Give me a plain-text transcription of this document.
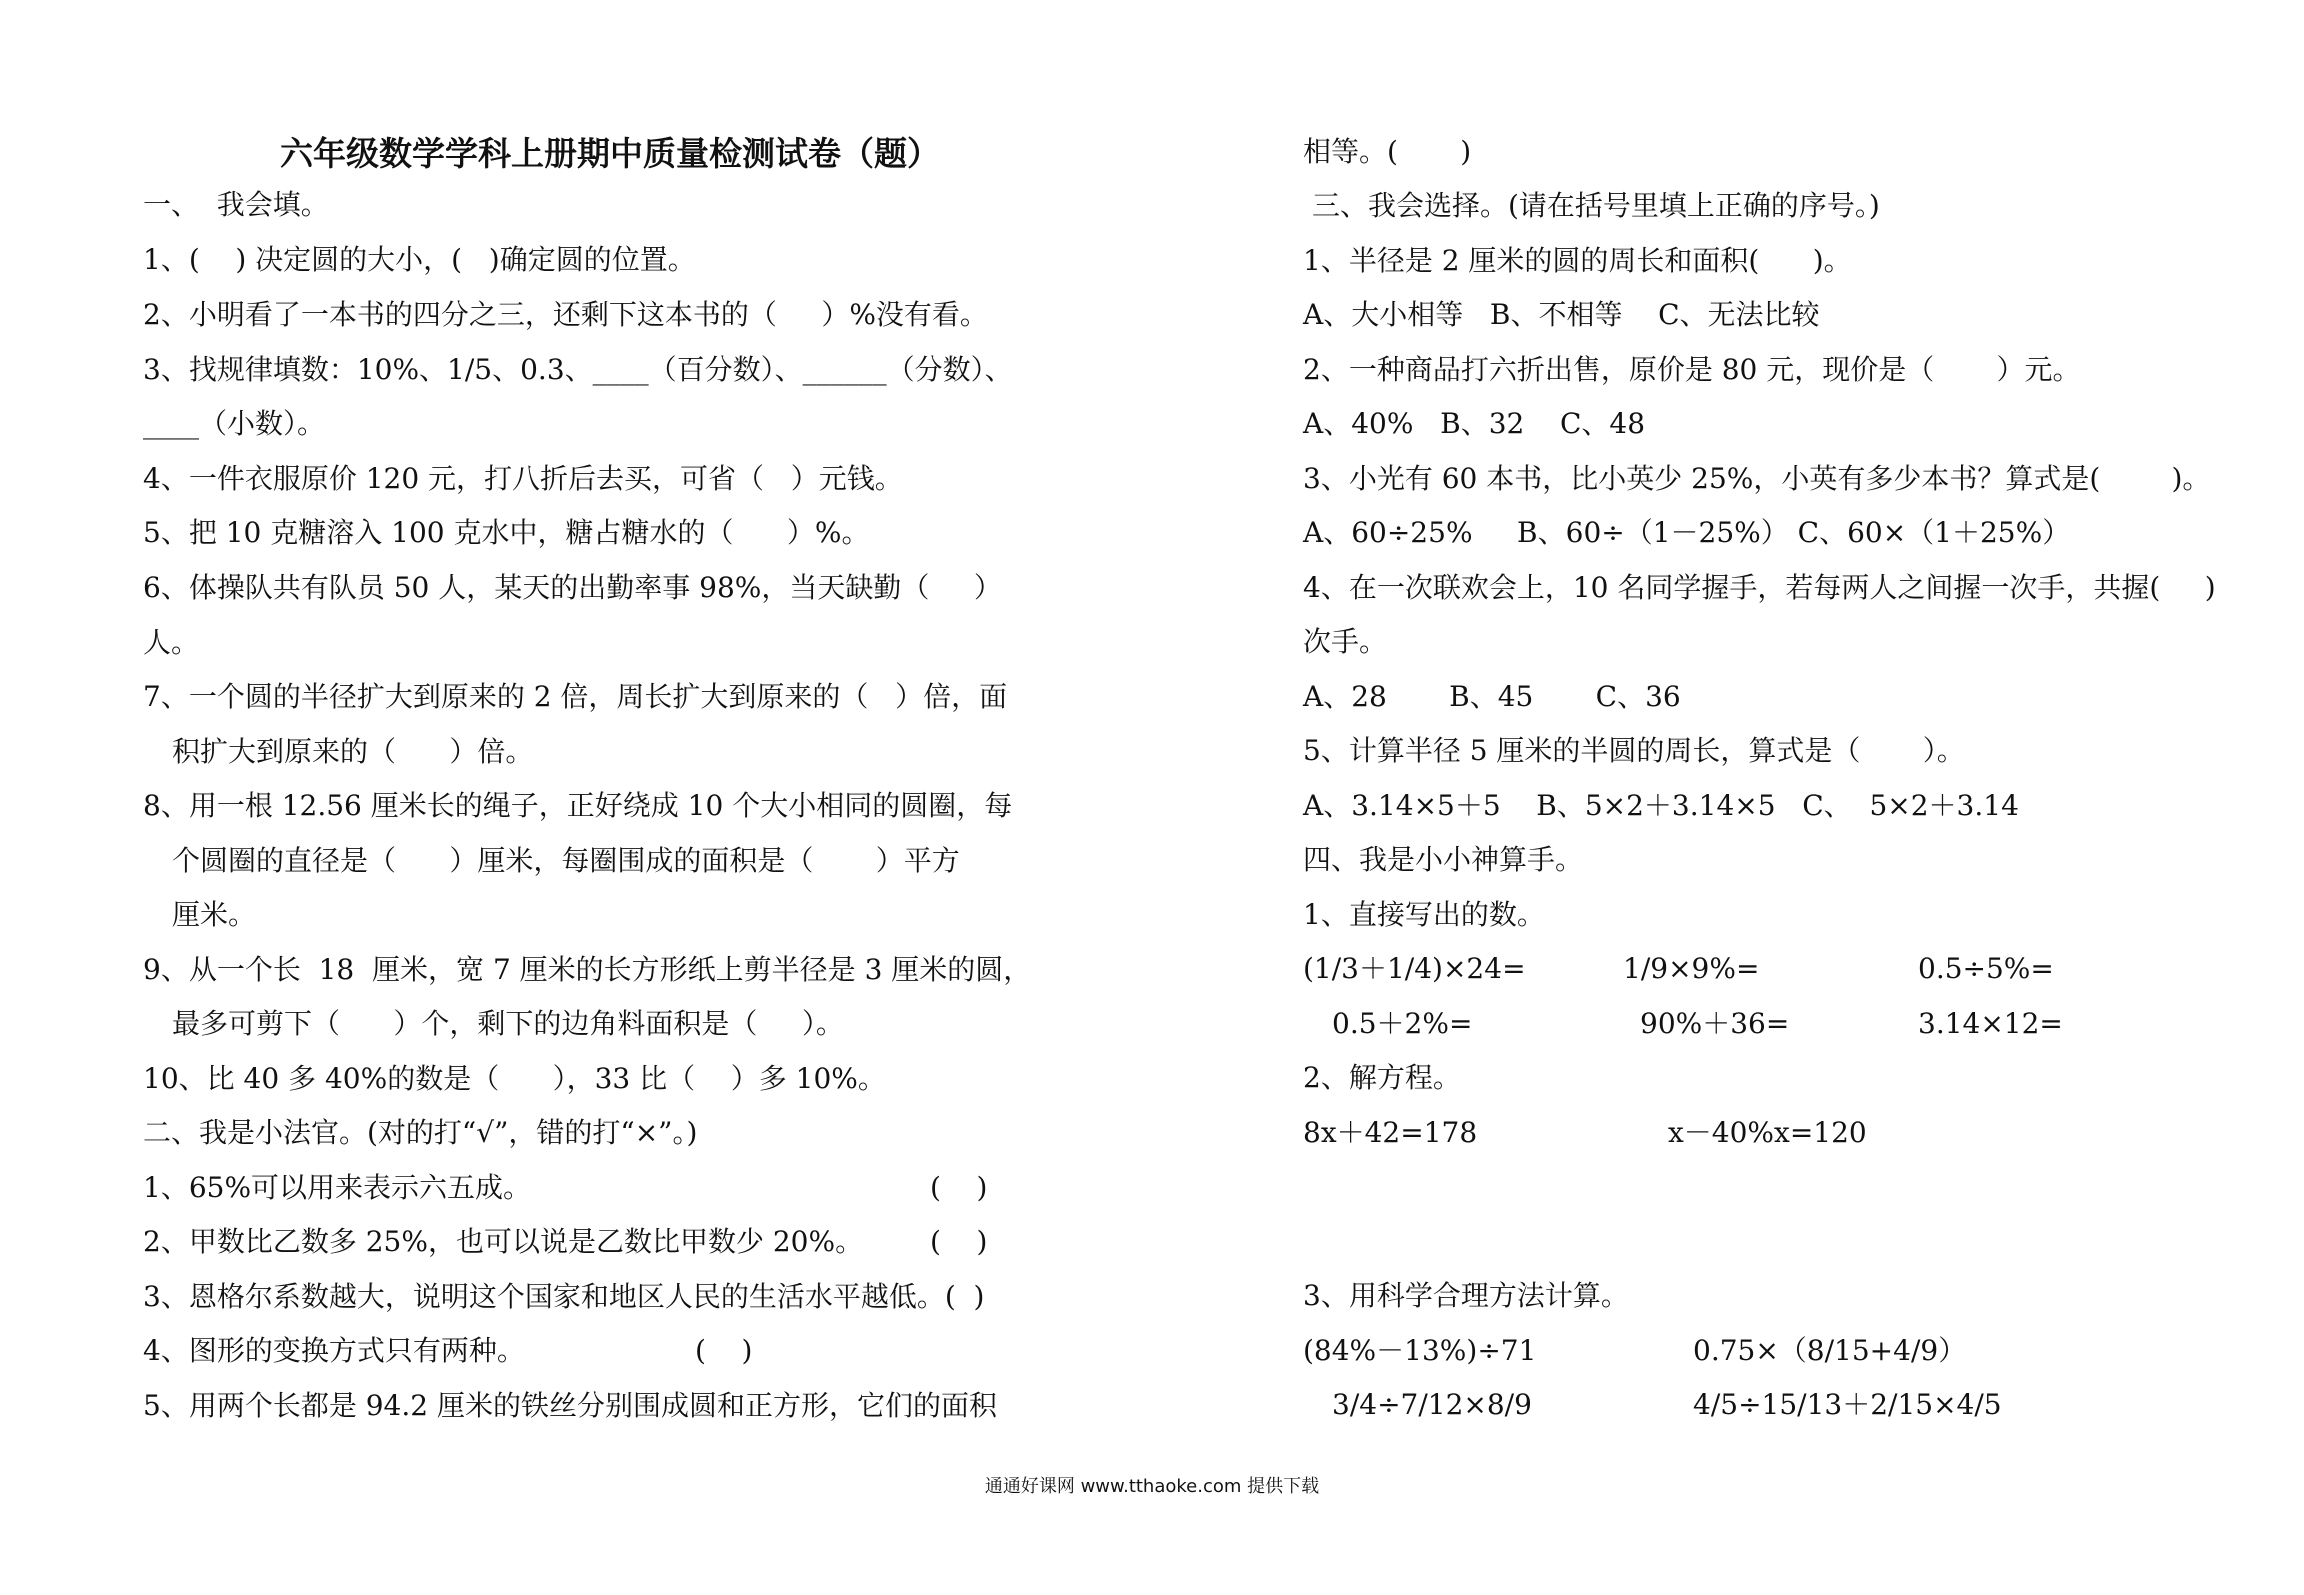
六年级数学学科上册期中质量检测试卷（题）
一、  我会填。
1、(    ) 决定圆的大小，(   )确定圆的位置。
2、小明看了一本书的四分之三，还剩下这本书的（     ）%没有看。
3、找规律填数：10%、1/5、0.3、____（百分数）、______（分数）、
____（小数）。
4、一件衣服原价 120 元，打八折后去买，可省（   ）元钱。
5、把 10 克糖溶入 100 克水中，糖占糖水的（      ）%。
6、体操队共有队员 50 人，某天的出勤率事 98%，当天缺勤（     ）
人。
7、一个圆的半径扩大到原来的 2 倍，周长扩大到原来的（   ）倍，面
积扩大到原来的（      ）倍。
8、用一根 12.56 厘米长的绳子，正好绕成 10 个大小相同的圆圈，每
个圆圈的直径是（      ）厘米，每圈围成的面积是（       ）平方
厘米。
9、从一个长  18  厘米，宽 7 厘米的长方形纸上剪半径是 3 厘米的圆，
最多可剪下（      ）个，剩下的边角料面积是（     ）。
10、比 40 多 40%的数是（      ），33 比（    ）多 10%。
二、我是小法官。(对的打“√”，错的打“×”。)
1、65%可以用来表示六五成。	(    )
2、甲数比乙数多 25%，也可以说是乙数比甲数少 20%。 (    )
3、恩格尔系数越大，说明这个国家和地区人民的生活水平越低。(  )
4、图形的变换方式只有两种。	(    )
5、用两个长都是 94.2 厘米的铁丝分别围成圆和正方形，它们的面积
相等。(       )
三、我会选择。(请在括号里填上正确的序号。)
1、半径是 2 厘米的圆的周长和面积(      )。
A、大小相等   B、不相等    C、无法比较
2、一种商品打六折出售，原价是 80 元，现价是（       ）元。
A、40%   B、32    C、48
3、小光有 60 本书，比小英少 25%，小英有多少本书？算式是(        )。
A、60÷25%     B、60÷（1－25%） C、60×（1＋25%）
4、在一次联欢会上，10 名同学握手，若每两人之间握一次手，共握(     )
次手。
A、28       B、45       C、36
5、计算半径 5 厘米的半圆的周长，算式是（       ）。
A、3.14×5＋5    B、5×2＋3.14×5   C、  5×2＋3.14
四、我是小小神算手。
1、直接写出的数。
(1/3＋1/4)×24=	1/9×9%=	0.5÷5%=
0.5＋2%=	90%＋36=	3.14×12=
2、解方程。
8x＋42=178	x－40%x=120
3、用科学合理方法计算。
(84%－13%)÷71	0.75×（8/15+4/9）
3/4÷7/12×8/9	4/5÷15/13＋2/15×4/5
通通好课网 www.tthaoke.com 提供下载
